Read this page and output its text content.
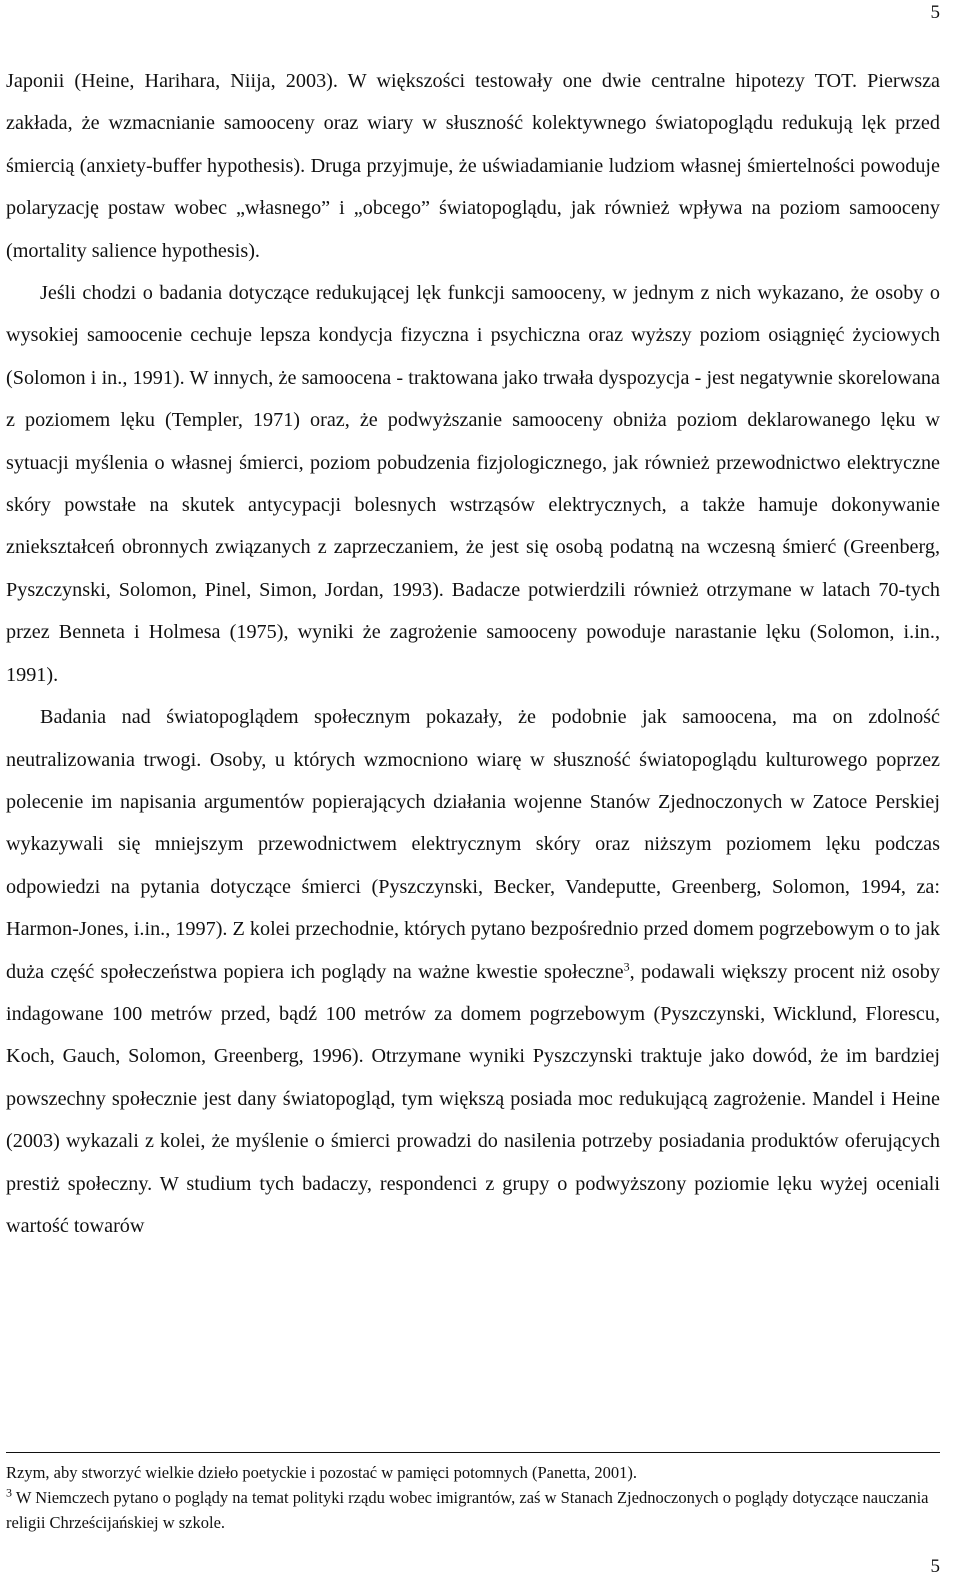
5

Japonii (Heine, Harihara, Niija, 2003). W większości testowały one dwie centralne hipotezy TOT. Pierwsza zakłada, że wzmacnianie samooceny oraz wiary w słuszność kolektywnego światopoglądu redukują lęk przed śmiercią (anxiety-buffer hypothesis). Druga przyjmuje, że uświadamianie ludziom własnej śmiertelności powoduje polaryzację postaw wobec „własnego” i „obcego” światopoglądu, jak również wpływa na poziom samooceny (mortality salience hypothesis).

Jeśli chodzi o badania dotyczące redukującej lęk funkcji samooceny, w jednym z nich wykazano, że osoby o wysokiej samoocenie cechuje lepsza kondycja fizyczna i psychiczna oraz wyższy poziom osiągnięć życiowych (Solomon i in., 1991). W innych, że samoocena - traktowana jako trwała dyspozycja - jest negatywnie skorelowana z poziomem lęku (Templer, 1971) oraz, że podwyższanie samooceny obniża poziom deklarowanego lęku w sytuacji myślenia o własnej śmierci, poziom pobudzenia fizjologicznego, jak również przewodnictwo elektryczne skóry powstałe na skutek antycypacji bolesnych wstrząsów elektrycznych, a także hamuje dokonywanie zniekształceń obronnych związanych z zaprzeczaniem, że jest się osobą podatną na wczesną śmierć (Greenberg, Pyszczynski, Solomon, Pinel, Simon, Jordan, 1993). Badacze potwierdzili również otrzymane w latach 70-tych przez Benneta i Holmesa (1975), wyniki że zagrożenie samooceny powoduje narastanie lęku (Solomon, i.in., 1991).

Badania nad światopoglądem społecznym pokazały, że podobnie jak samoocena, ma on zdolność neutralizowania trwogi. Osoby, u których wzmocniono wiarę w słuszność światopoglądu kulturowego poprzez polecenie im napisania argumentów popierających działania wojenne Stanów Zjednoczonych w Zatoce Perskiej wykazywali się mniejszym przewodnictwem elektrycznym skóry oraz niższym poziomem lęku podczas odpowiedzi na pytania dotyczące śmierci (Pyszczynski, Becker, Vandeputte, Greenberg, Solomon, 1994, za: Harmon-Jones, i.in., 1997). Z kolei przechodnie, których pytano bezpośrednio przed domem pogrzebowym o to jak duża część społeczeństwa popiera ich poglądy na ważne kwestie społeczne$^3$, podawali większy procent niż osoby indagowane 100 metrów przed, bądź 100 metrów za domem pogrzebowym (Pyszczynski, Wicklund, Florescu, Koch, Gauch, Solomon, Greenberg, 1996). Otrzymane wyniki Pyszczynski traktuje jako dowód, że im bardziej powszechny społecznie jest dany światopogląd, tym większą posiada moc redukującą zagrożenie. Mandel i Heine (2003) wykazali z kolei, że myślenie o śmierci prowadzi do nasilenia potrzeby posiadania produktów oferujących prestiż społeczny. W studium tych badaczy, respondenci z grupy o podwyższony poziomie lęku wyżej oceniali wartość towarów

Rzym, aby stworzyć wielkie dzieło poetyckie i pozostać w pamięci potomnych (Panetta, 2001).

$^3$ W Niemczech pytano o poglądy na temat polityki rządu wobec imigrantów, zaś w Stanach Zjednoczonych o poglądy dotyczące nauczania religii Chrześcijańskiej w szkole.

5
